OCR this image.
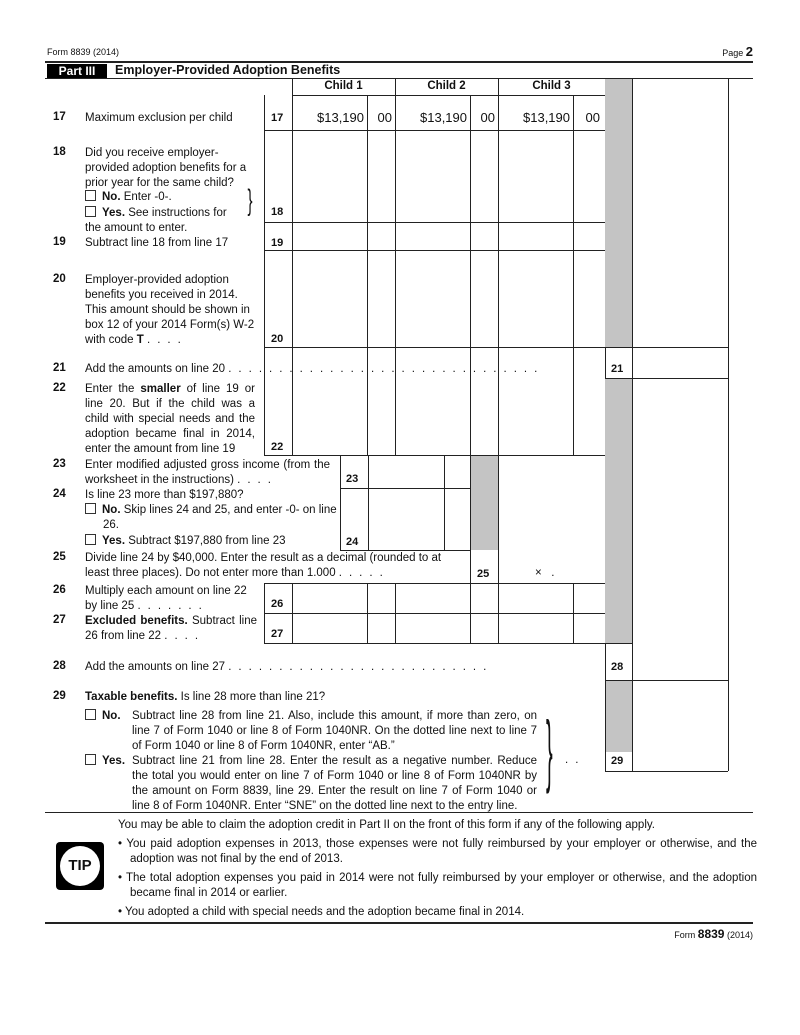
Form 8839 (2014)	Page 2
Part III	Employer-Provided Adoption Benefits
Child 1	Child 2	Child 3
17 Maximum exclusion per child	17	$13,190	00	$13,190	00	$13,190	00
18 Did you receive employer-provided adoption benefits for a prior year for the same child?
No. Enter -0-.
Yes. See instructions for the amount to enter.
} 18
19 Subtract line 18 from line 17	19
20 Employer-provided adoption benefits you received in 2014. This amount should be shown in box 12 of your 2014 Form(s) W-2 with code T ....	20
21 Add the amounts on line 20 ...............................	21
22 Enter the smaller of line 19 or line 20. But if the child was a child with special needs and the adoption became final in 2014, enter the amount from line 19	22
23 Enter modified adjusted gross income (from the worksheet in the instructions) ....	23
24 Is line 23 more than $197,880?
No. Skip lines 24 and 25, and enter -0- on line 26.
Yes. Subtract $197,880 from line 23	24
25 Divide line 24 by $40,000. Enter the result as a decimal (rounded to at least three places). Do not enter more than 1.000 .....	25	×   .
26 Multiply each amount on line 22 by line 25 .......	26
27 Excluded benefits. Subtract line 26 from line 22 ....	27
28 Add the amounts on line 27 ..........................	28
29 Taxable benefits. Is line 28 more than line 21?
No. Subtract line 28 from line 21. Also, include this amount, if more than zero, on line 7 of Form 1040 or line 8 of Form 1040NR. On the dotted line next to line 7 of Form 1040 or line 8 of Form 1040NR, enter “AB.”
Yes. Subtract line 21 from line 28. Enter the result as a negative number. Reduce the total you would enter on line 7 of Form 1040 or line 8 of Form 1040NR by the amount on Form 8839, line 29. Enter the result on line 7 of Form 1040 or line 8 of Form 1040NR. Enter “SNE” on the dotted line next to the entry line.
} .. 29
You may be able to claim the adoption credit in Part II on the front of this form if any of the following apply.
TIP
• You paid adoption expenses in 2013, those expenses were not fully reimbursed by your employer or otherwise, and the adoption was not final by the end of 2013.
• The total adoption expenses you paid in 2014 were not fully reimbursed by your employer or otherwise, and the adoption became final in 2014 or earlier.
• You adopted a child with special needs and the adoption became final in 2014.
Form 8839 (2014)
